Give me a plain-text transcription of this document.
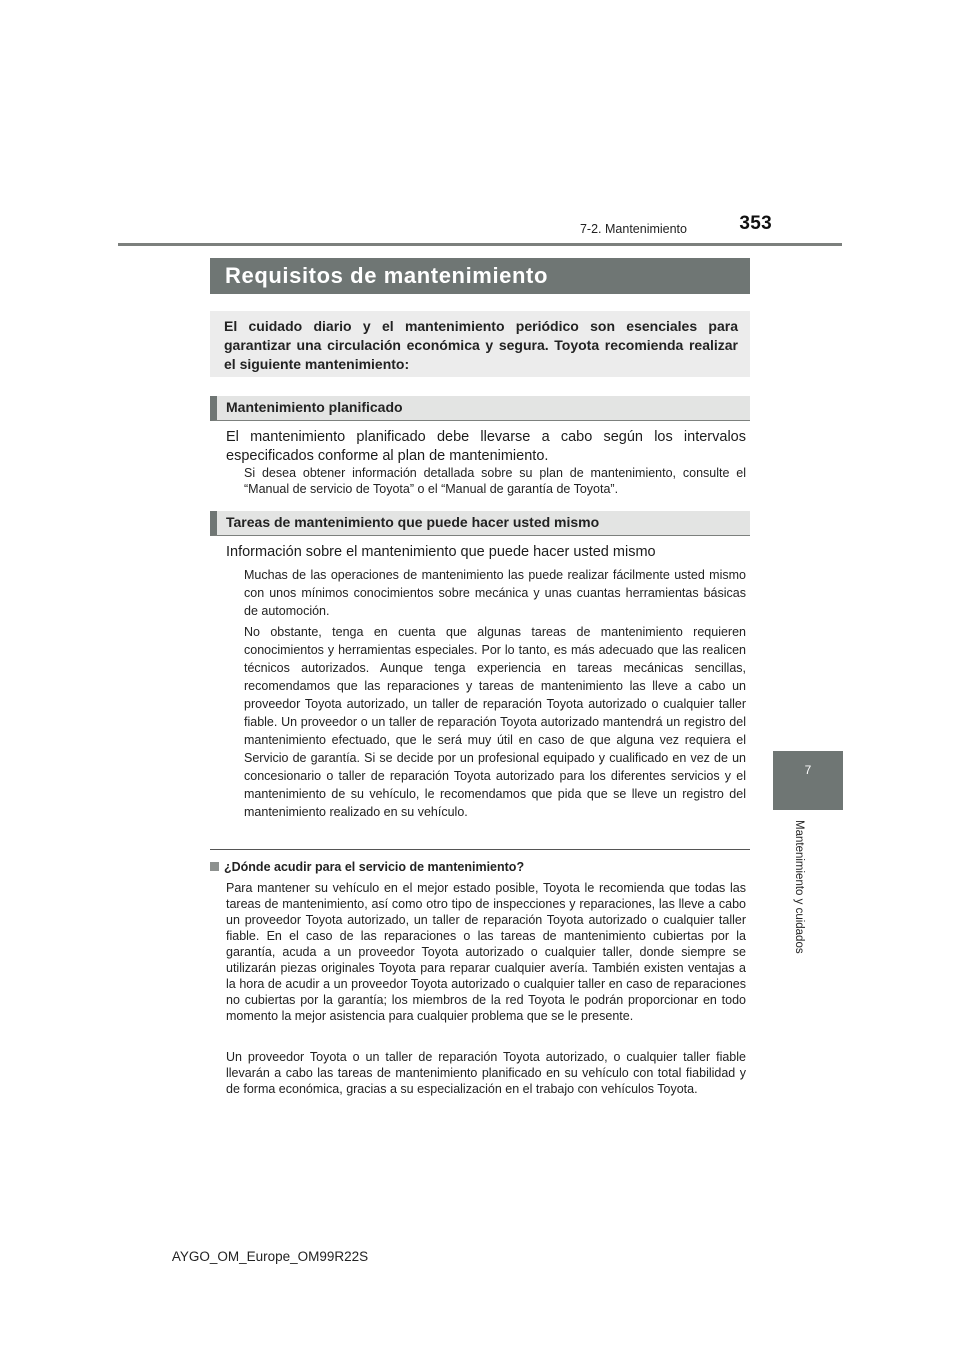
7-2. Mantenimiento	353
Requisitos de mantenimiento
El cuidado diario y el mantenimiento periódico son esenciales para garantizar una circulación económica y segura. Toyota recomienda realizar el siguiente mantenimiento:
Mantenimiento planificado
El mantenimiento planificado debe llevarse a cabo según los intervalos especificados conforme al plan de mantenimiento.
Si desea obtener información detallada sobre su plan de mantenimiento, consulte el “Manual de servicio de Toyota” o el “Manual de garantía de Toyota”.
Tareas de mantenimiento que puede hacer usted mismo
Información sobre el mantenimiento que puede hacer usted mismo
Muchas de las operaciones de mantenimiento las puede realizar fácilmente usted mismo con unos mínimos conocimientos sobre mecánica y unas cuantas herramientas básicas de automoción.
No obstante, tenga en cuenta que algunas tareas de mantenimiento requieren conocimientos y herramientas especiales. Por lo tanto, es más adecuado que las realicen técnicos autorizados. Aunque tenga experiencia en tareas mecánicas sencillas, recomendamos que las reparaciones y tareas de mantenimiento las lleve a cabo un proveedor Toyota autorizado, un taller de reparación Toyota autorizado o cualquier taller fiable. Un proveedor o un taller de reparación Toyota autorizado mantendrá un registro del mantenimiento efectuado, que le será muy útil en caso de que alguna vez requiera el Servicio de garantía. Si se decide por un profesional equipado y cualificado en vez de un concesionario o taller de reparación Toyota autorizado para los diferentes servicios y el mantenimiento de su vehículo, le recomendamos que pida que se lleve un registro del mantenimiento realizado en su vehículo.
¿Dónde acudir para el servicio de mantenimiento?
Para mantener su vehículo en el mejor estado posible, Toyota le recomienda que todas las tareas de mantenimiento, así como otro tipo de inspecciones y reparaciones, las lleve a cabo un proveedor Toyota autorizado, un taller de reparación Toyota autorizado o cualquier taller fiable. En el caso de las reparaciones o las tareas de mantenimiento cubiertas por la garantía, acuda a un proveedor Toyota autorizado o cualquier taller, donde siempre se utilizarán piezas originales Toyota para reparar cualquier avería. También existen ventajas a la hora de acudir a un proveedor Toyota autorizado o cualquier taller en caso de reparaciones no cubiertas por la garantía; los miembros de la red Toyota le podrán proporcionar en todo momento la mejor asistencia para cualquier problema que se le presente.
Un proveedor Toyota o un taller de reparación Toyota autorizado, o cualquier taller fiable llevarán a cabo las tareas de mantenimiento planificado en su vehículo con total fiabilidad y de forma económica, gracias a su especialización en el trabajo con vehículos Toyota.
7
Mantenimiento y cuidados
AYGO_OM_Europe_OM99R22S
